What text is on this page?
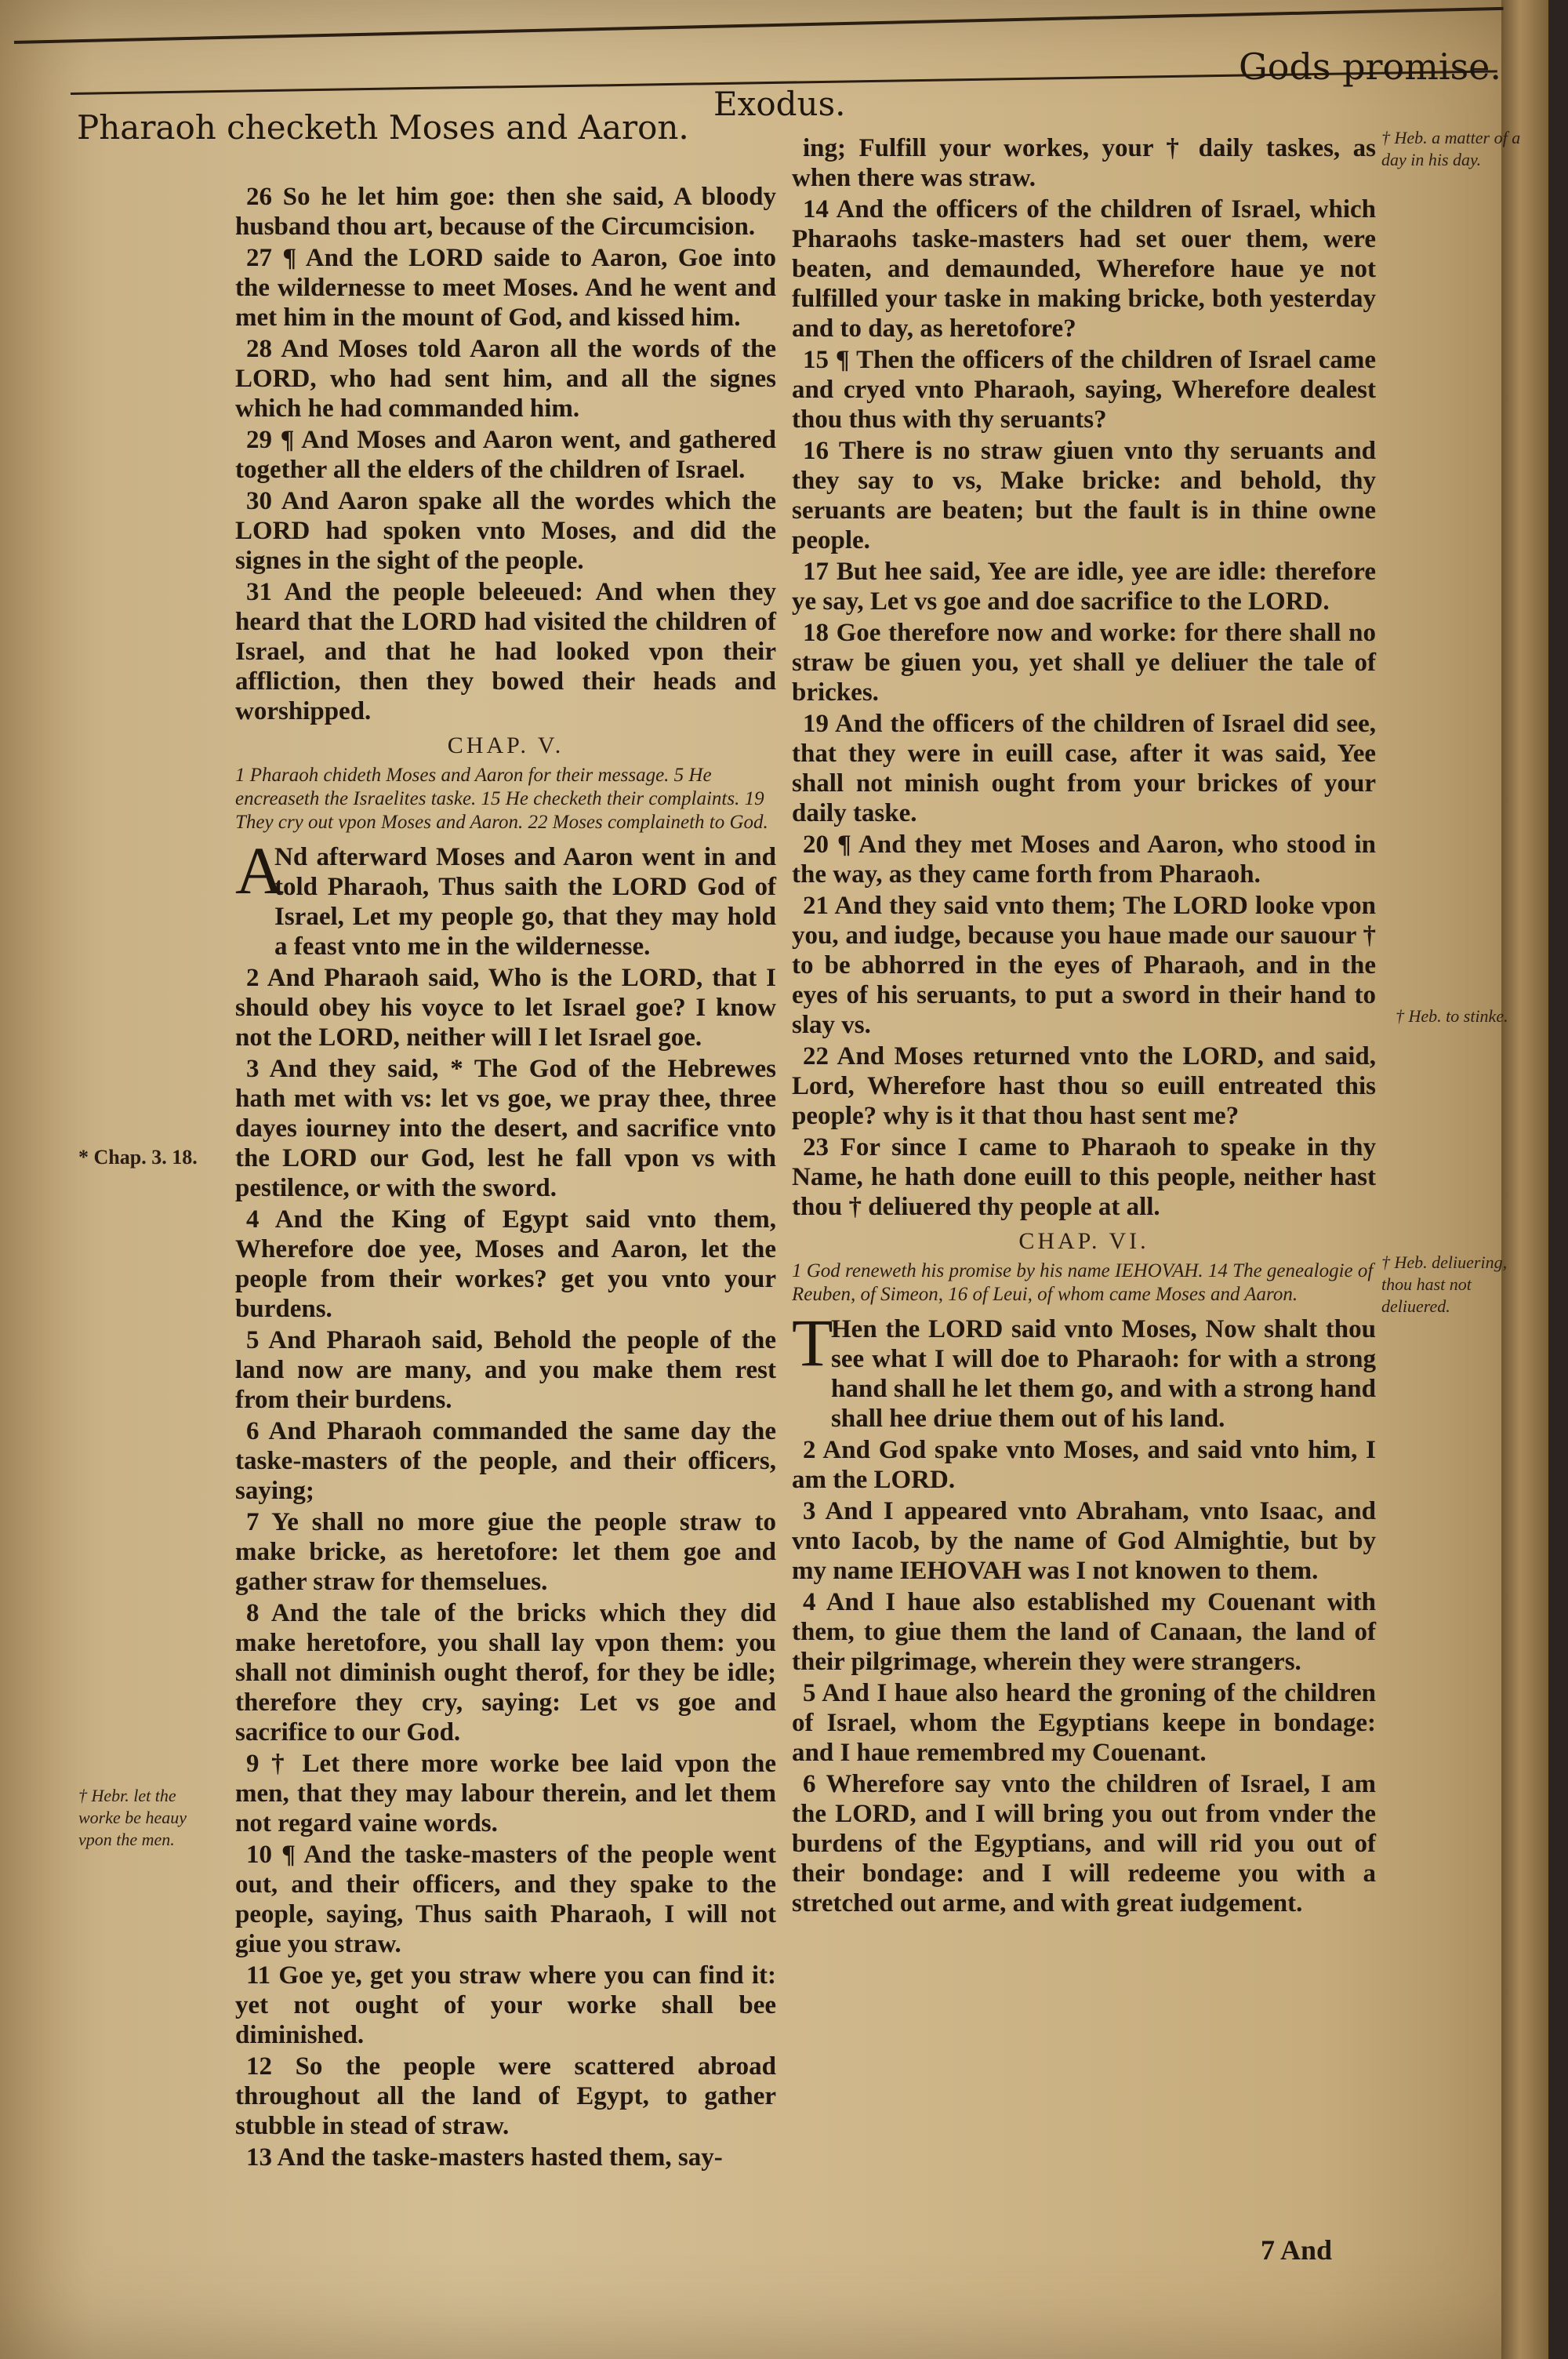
Pharaoh checketh Moses and Aaron.
Exodus.
Gods promise.

26 So he let him goe: then she said, A bloody husband thou art, because of the Circumcision.

27 ¶ And the LORD saide to Aaron, Goe into the wildernesse to meet Moses. And he went and met him in the mount of God, and kissed him.

28 And Moses told Aaron all the words of the LORD, who had sent him, and all the signes which he had commanded him.

29 ¶ And Moses and Aaron went, and gathered together all the elders of the children of Israel.

30 And Aaron spake all the wordes which the LORD had spoken vnto Moses, and did the signes in the sight of the people.

31 And the people beleeued: And when they heard that the LORD had visited the children of Israel, and that he had looked vpon their affliction, then they bowed their heads and worshipped.

CHAP. V.
1 Pharaoh chideth Moses and Aaron for their message. 5 He encreaseth the Israelites taske. 15 He checketh their complaints. 19 They cry out vpon Moses and Aaron. 22 Moses complaineth to God.

A
Nd afterward Moses and Aaron went in and told Pharaoh, Thus saith the LORD God of Israel, Let my people go, that they may hold a feast vnto me in the wildernesse.

2 And Pharaoh said, Who is the LORD, that I should obey his voyce to let Israel goe? I know not the LORD, neither will I let Israel goe.

3 And they said, * The God of the Hebrewes hath met with vs: let vs goe, we pray thee, three dayes iourney into the desert, and sacrifice vnto the LORD our God, lest he fall vpon vs with pestilence, or with the sword.

4 And the King of Egypt said vnto them, Wherefore doe yee, Moses and Aaron, let the people from their workes? get you vnto your burdens.

5 And Pharaoh said, Behold the people of the land now are many, and you make them rest from their burdens.

6 And Pharaoh commanded the same day the taske-masters of the people, and their officers, saying;

7 Ye shall no more giue the people straw to make bricke, as heretofore: let them goe and gather straw for themselues.

8 And the tale of the bricks which they did make heretofore, you shall lay vpon them: you shall not diminish ought therof, for they be idle; therefore they cry, saying: Let vs goe and sacrifice to our God.

9 † Let there more worke bee laid vpon the men, that they may labour therein, and let them not regard vaine words.

10 ¶ And the taske-masters of the people went out, and their officers, and they spake to the people, saying, Thus saith Pharaoh, I will not giue you straw.

11 Goe ye, get you straw where you can find it: yet not ought of your worke shall bee diminished.

12 So the people were scattered abroad throughout all the land of Egypt, to gather stubble in stead of straw.

13 And the taske-masters hasted them, say-

ing; Fulfill your workes, your † daily taskes, as when there was straw.

14 And the officers of the children of Israel, which Pharaohs taske-masters had set ouer them, were beaten, and demaunded, Wherefore haue ye not fulfilled your taske in making bricke, both yesterday and to day, as heretofore?

15 ¶ Then the officers of the children of Israel came and cryed vnto Pharaoh, saying, Wherefore dealest thou thus with thy seruants?

16 There is no straw giuen vnto thy seruants and they say to vs, Make bricke: and behold, thy seruants are beaten; but the fault is in thine owne people.

17 But hee said, Yee are idle, yee are idle: therefore ye say, Let vs goe and doe sacrifice to the LORD.

18 Goe therefore now and worke: for there shall no straw be giuen you, yet shall ye deliuer the tale of brickes.

19 And the officers of the children of Israel did see, that they were in euill case, after it was said, Yee shall not minish ought from your brickes of your daily taske.

20 ¶ And they met Moses and Aaron, who stood in the way, as they came forth from Pharaoh.

21 And they said vnto them; The LORD looke vpon you, and iudge, because you haue made our sauour † to be abhorred in the eyes of Pharaoh, and in the eyes of his seruants, to put a sword in their hand to slay vs.

22 And Moses returned vnto the LORD, and said, Lord, Wherefore hast thou so euill entreated this people? why is it that thou hast sent me?

23 For since I came to Pharaoh to speake in thy Name, he hath done euill to this people, neither hast thou † deliuered thy people at all.

CHAP. VI.
1 God reneweth his promise by his name IEHOVAH. 14 The genealogie of Reuben, of Simeon, 16 of Leui, of whom came Moses and Aaron.

T
Hen the LORD said vnto Moses, Now shalt thou see what I will doe to Pharaoh: for with a strong hand shall he let them go, and with a strong hand shall hee driue them out of his land.

2 And God spake vnto Moses, and said vnto him, I am the LORD.

3 And I appeared vnto Abraham, vnto Isaac, and vnto Iacob, by the name of God Almightie, but by my name IEHOVAH was I not knowen to them.

4 And I haue also established my Couenant with them, to giue them the land of Canaan, the land of their pilgrimage, wherein they were strangers.

5 And I haue also heard the groning of the children of Israel, whom the Egyptians keepe in bondage: and I haue remembred my Couenant.

6 Wherefore say vnto the children of Israel, I am the LORD, and I will bring you out from vnder the burdens of the Egyptians, and will rid you out of their bondage: and I will redeeme you with a stretched out arme, and with great iudgement.

* Chap. 3. 18.
† Hebr. let the worke be heauy vpon the men.
† Heb. a matter of a day in his day.
† Heb. to stinke.
† Heb. deliuering, thou hast not deliuered.
7 And
